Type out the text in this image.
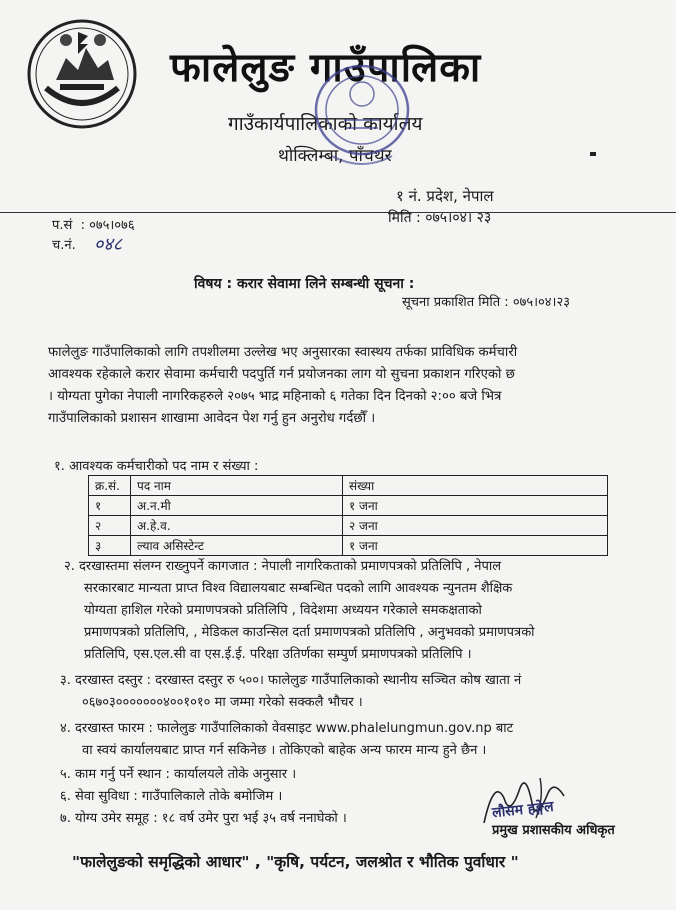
फालेलुङ गाउँपालिका
गाउँकार्यपालिकाको कार्यालय
थोक्लिम्बा, पाँचथर
१ नं. प्रदेश, नेपाल
प.सं : ०७५।०७६	मिति : ०७५।०४। २३
च.नं. ०४८
विषय : करार सेवामा लिने सम्बन्धी सूचना :
सूचना प्रकाशित मिति : ०७५।०४।२३

फालेलुङ गाउँपालिकाको लागि तपशीलमा उल्लेख भए अनुसारका स्वास्थय तर्फका प्राविधिक कर्मचारी

आवश्यक रहेकाले करार सेवामा कर्मचारी पदपुर्ति गर्न प्रयोजनका लाग यो सुचना प्रकाशन गरिएको छ

। योग्यता पुगेका नेपाली नागरिकहरुले २०७५ भाद्र महिनाको ६ गतेका दिन दिनको २:०० बजे भित्र

गाउँपालिकाको प्रशासन शाखामा आवेदन पेश गर्नु हुन अनुरोध गर्दछौँ ।

१. आवश्यक कर्मचारीको पद नाम र संख्या :
क्र.सं.	पद नाम	संख्या
१	अ.न.मी	१ जना
२	अ.हे.व.	२ जना
३	ल्याव असिस्टेन्ट	१ जना
२. दरखास्तमा संलग्न राख्नुपर्ने कागजात : नेपाली नागरिकताको प्रमाणपत्रको प्रतिलिपि , नेपाल
सरकारबाट मान्यता प्राप्त विश्व विद्यालयबाट सम्बन्धित पदको लागि आवश्यक न्युनतम शैक्षिक
योग्यता हाशिल गरेको प्रमाणपत्रको प्रतिलिपि , विदेशमा अध्ययन गरेकाले समकक्षताको
प्रमाणपत्रको प्रतिलिपि, , मेडिकल काउन्सिल दर्ता प्रमाणपत्रको प्रतिलिपि , अनुभवको प्रमाणपत्रको
प्रतिलिपि, एस.एल.सी वा एस.ई.ई. परिक्षा उतिर्णका सम्पुर्ण प्रमाणपत्रको प्रतिलिपि ।
३. दरखास्त दस्तुर : दरखास्त दस्तुर रु ५००। फालेलुङ गाउँपालिकाको स्थानीय सञ्चित कोष खाता नं
०६७०३०००००००४००१०१० मा जम्मा गरेको सक्कलै भौचर ।
४. दरखास्त फारम : फालेलुङ गाउँपालिकाको वेवसाइट www.phalelungmun.gov.np बाट
वा स्वयं कार्यालयबाट प्राप्त गर्न सकिनेछ । तोकिएको बाहेक अन्य फारम मान्य हुने छैन ।
५. काम गर्नु पर्ने स्थान : कार्यालयले तोके अनुसार ।
६. सेवा सुविधा : गाउँपालिकाले तोके बमोजिम ।
७. योग्य उमेर समूह : १८ वर्ष उमेर पुरा भई ३५ वर्ष ननाघेको ।	लौसम हङ्गेल
प्रमुख प्रशासकीय अधिकृत
"फालेलुङको समृद्धिको आधार" , "कृषि, पर्यटन, जलश्रोत र भौतिक पुर्वाधार "
